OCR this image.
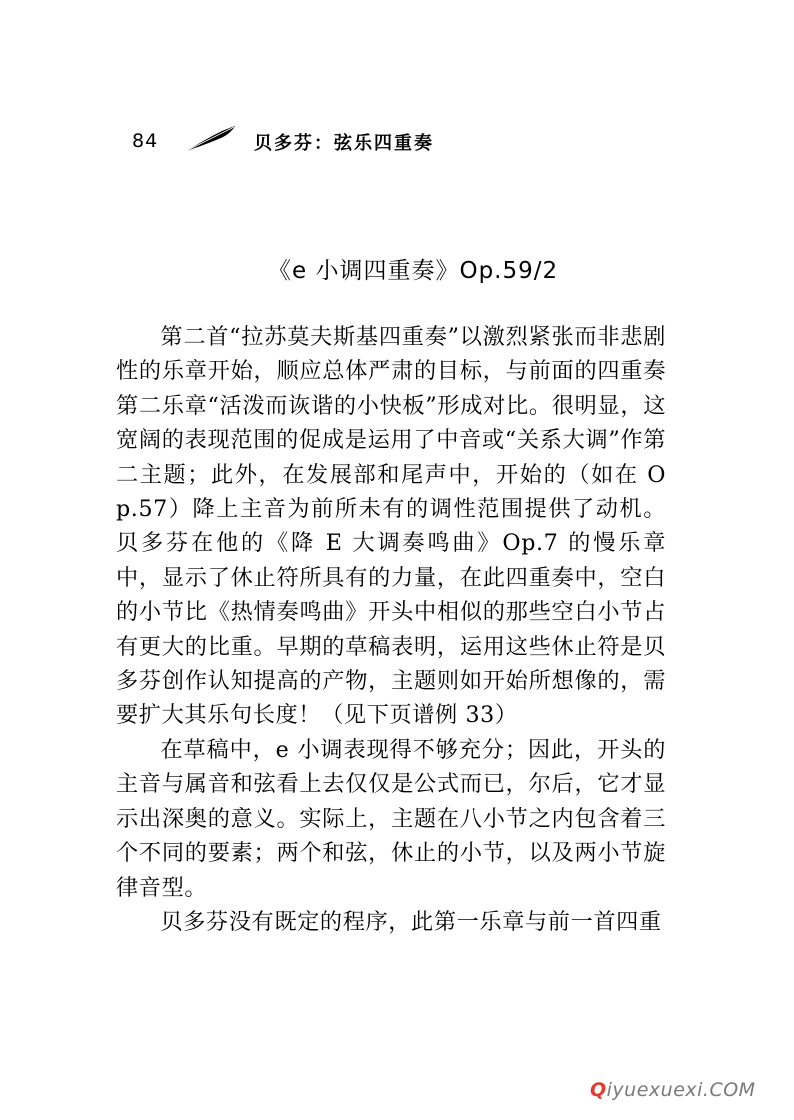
84	贝多芬：弦乐四重奏
《e 小调四重奏》Op.59/2

第二首“拉苏莫夫斯基四重奏”以激烈紧张而非悲剧性的乐章开始，顺应总体严肃的目标，与前面的四重奏第二乐章“活泼而诙谐的小快板”形成对比。很明显，这宽阔的表现范围的促成是运用了中音或“关系大调”作第二主题；此外，在发展部和尾声中，开始的（如在 Op.57）降上主音为前所未有的调性范围提供了动机。贝多芬在他的《降 E 大调奏鸣曲》Op.7 的慢乐章中，显示了休止符所具有的力量，在此四重奏中，空白的小节比《热情奏鸣曲》开头中相似的那些空白小节占有更大的比重。早期的草稿表明，运用这些休止符是贝多芬创作认知提高的产物，主题则如开始所想像的，需要扩大其乐句长度！（见下页谱例 33）

在草稿中，e 小调表现得不够充分；因此，开头的主音与属音和弦看上去仅仅是公式而已，尔后，它才显示出深奥的意义。实际上，主题在八小节之内包含着三个不同的要素；两个和弦，休止的小节，以及两小节旋律音型。

贝多芬没有既定的程序，此第一乐章与前一首四重

Qiyuexuexi.COM
